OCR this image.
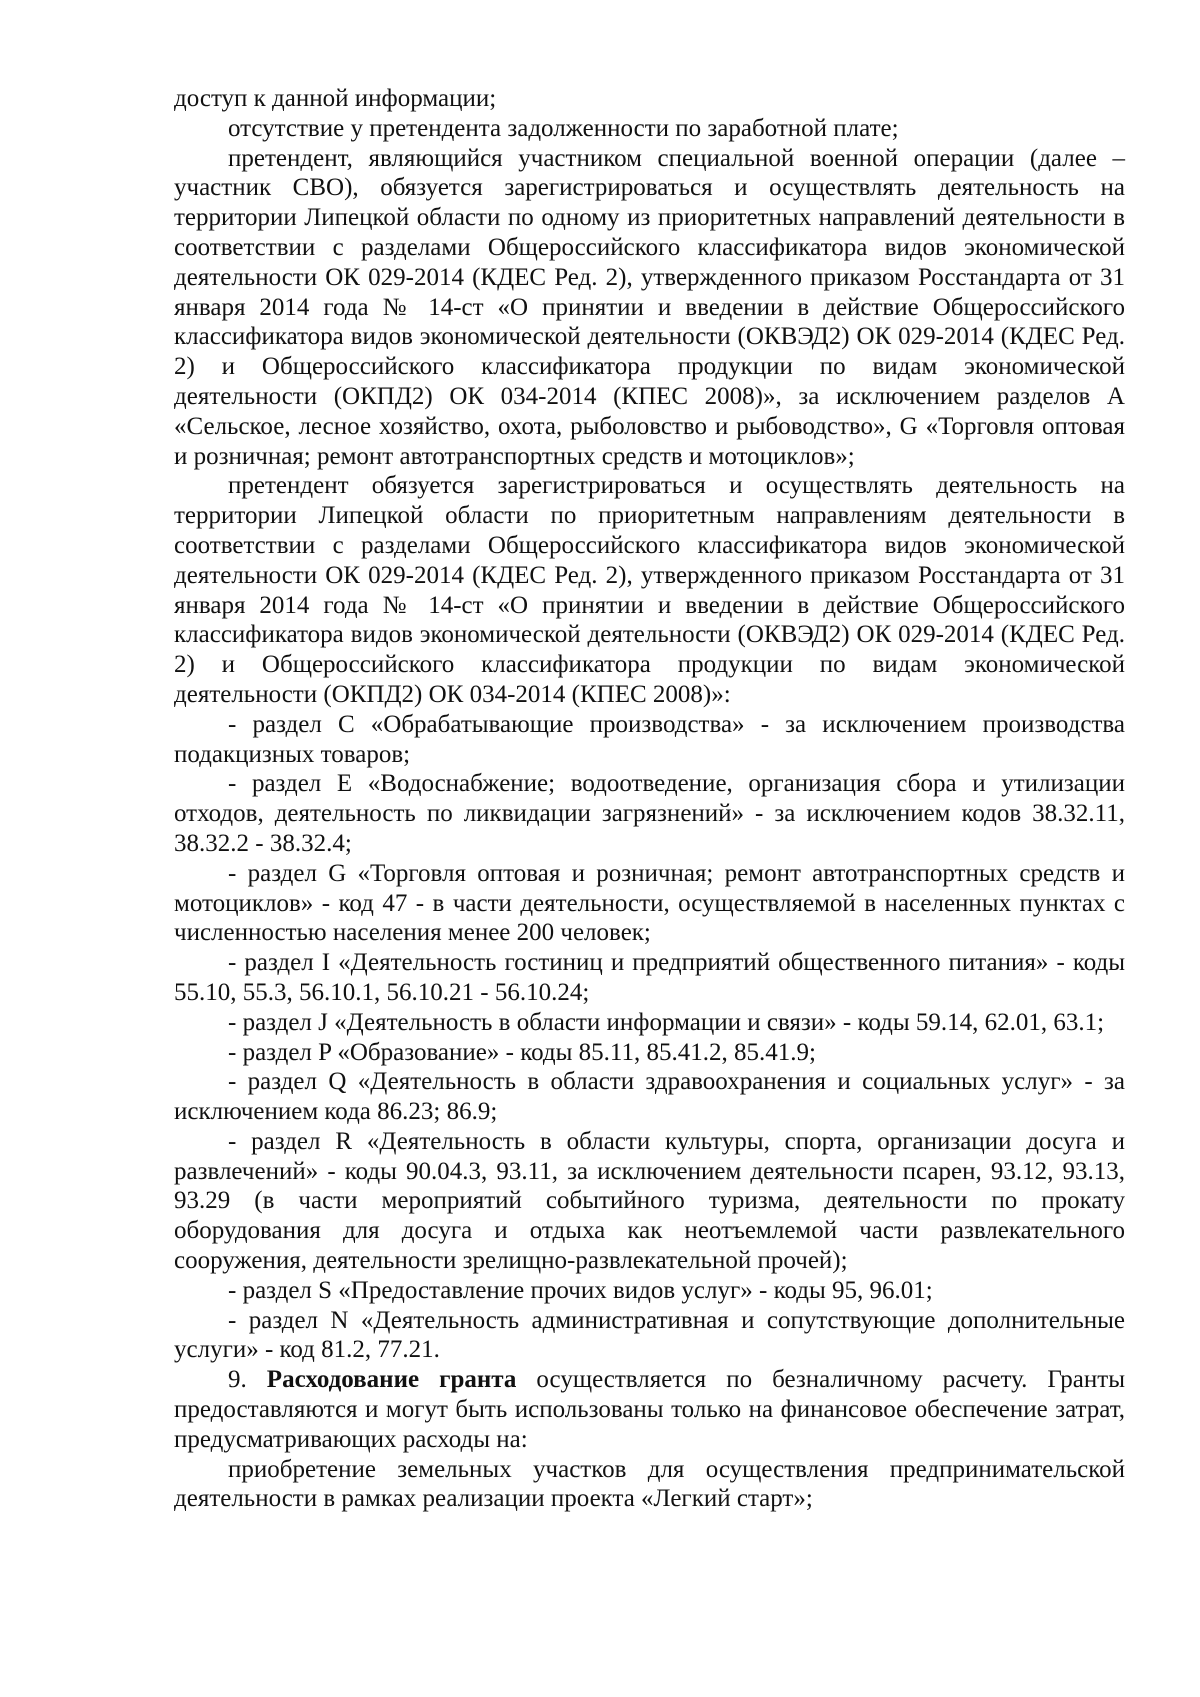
доступ к данной информации;

отсутствие у претендента задолженности по заработной плате;

претендент, являющийся участником специальной военной операции (далее – участник СВО), обязуется зарегистрироваться и осуществлять деятельность на территории Липецкой области по одному из приоритетных направлений деятельности в соответствии с разделами Общероссийского классификатора видов экономической деятельности ОК 029-2014 (КДЕС Ред. 2), утвержденного приказом Росстандарта от 31 января 2014 года № 14-ст «О принятии и введении в действие Общероссийского классификатора видов экономической деятельности (ОКВЭД2) ОК 029-2014 (КДЕС Ред. 2) и Общероссийского классификатора продукции по видам экономической деятельности (ОКПД2) ОК 034-2014 (КПЕС 2008)», за исключением разделов A «Сельское, лесное хозяйство, охота, рыболовство и рыбоводство», G «Торговля оптовая и розничная; ремонт автотранспортных средств и мотоциклов»;

претендент обязуется зарегистрироваться и осуществлять деятельность на территории Липецкой области по приоритетным направлениям деятельности в соответствии с разделами Общероссийского классификатора видов экономической деятельности ОК 029-2014 (КДЕС Ред. 2), утвержденного приказом Росстандарта от 31 января 2014 года № 14-ст «О принятии и введении в действие Общероссийского классификатора видов экономической деятельности (ОКВЭД2) ОК 029-2014 (КДЕС Ред. 2) и Общероссийского классификатора продукции по видам экономической деятельности (ОКПД2) ОК 034-2014 (КПЕС 2008)»:

- раздел C «Обрабатывающие производства» - за исключением производства подакцизных товаров;

- раздел E «Водоснабжение; водоотведение, организация сбора и утилизации отходов, деятельность по ликвидации загрязнений» - за исключением кодов 38.32.11, 38.32.2 - 38.32.4;

- раздел G «Торговля оптовая и розничная; ремонт автотранспортных средств и мотоциклов» - код 47 - в части деятельности, осуществляемой в населенных пунктах с численностью населения менее 200 человек;

- раздел I «Деятельность гостиниц и предприятий общественного питания» - коды 55.10, 55.3, 56.10.1, 56.10.21 - 56.10.24;

- раздел J «Деятельность в области информации и связи» - коды 59.14, 62.01, 63.1;

- раздел P «Образование» - коды 85.11, 85.41.2, 85.41.9;

- раздел Q «Деятельность в области здравоохранения и социальных услуг» - за исключением кода 86.23; 86.9;

- раздел R «Деятельность в области культуры, спорта, организации досуга и развлечений» - коды 90.04.3, 93.11, за исключением деятельности псарен, 93.12, 93.13, 93.29 (в части мероприятий событийного туризма, деятельности по прокату оборудования для досуга и отдыха как неотъемлемой части развлекательного сооружения, деятельности зрелищно-развлекательной прочей);

- раздел S «Предоставление прочих видов услуг» - коды 95, 96.01;

- раздел N «Деятельность административная и сопутствующие дополнительные услуги» - код 81.2, 77.21.

9. Расходование гранта осуществляется по безналичному расчету. Гранты предоставляются и могут быть использованы только на финансовое обеспечение затрат, предусматривающих расходы на:

приобретение земельных участков для осуществления предпринимательской деятельности в рамках реализации проекта «Легкий старт»;
